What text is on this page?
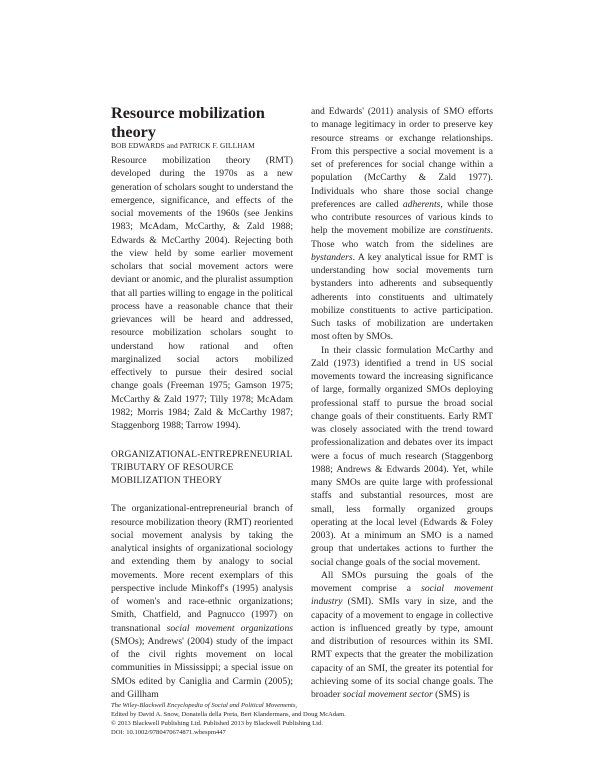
Resource mobilization theory

BOB EDWARDS and PATRICK F. GILLHAM

Resource mobilization theory (RMT) developed during the 1970s as a new generation of scholars sought to understand the emergence, significance, and effects of the social movements of the 1960s (see Jenkins 1983; McAdam, McCarthy, & Zald 1988; Edwards & McCarthy 2004). Rejecting both the view held by some earlier movement scholars that social movement actors were deviant or anomic, and the pluralist assumption that all parties willing to engage in the political process have a reasonable chance that their grievances will be heard and addressed, resource mobilization scholars sought to understand how rational and often marginalized social actors mobilized effectively to pursue their desired social change goals (Freeman 1975; Gamson 1975; McCarthy & Zald 1977; Tilly 1978; McAdam 1982; Morris 1984; Zald & McCarthy 1987; Staggenborg 1988; Tarrow 1994).

ORGANIZATIONAL-ENTREPRENEURIAL TRIBUTARY OF RESOURCE MOBILIZATION THEORY

The organizational-entrepreneurial branch of resource mobilization theory (RMT) reoriented social movement analysis by taking the analytical insights of organizational sociology and extending them by analogy to social movements. More recent exemplars of this perspective include Minkoff's (1995) analysis of women's and race-ethnic organizations; Smith, Chatfield, and Pagnucco (1997) on transnational social movement organizations (SMOs); Andrews' (2004) study of the impact of the civil rights movement on local communities in Mississippi; a special issue on SMOs edited by Caniglia and Carmin (2005); and Gillham

and Edwards' (2011) analysis of SMO efforts to manage legitimacy in order to preserve key resource streams or exchange relationships. From this perspective a social movement is a set of preferences for social change within a population (McCarthy & Zald 1977). Individuals who share those social change preferences are called adherents, while those who contribute resources of various kinds to help the movement mobilize are constituents. Those who watch from the sidelines are bystanders. A key analytical issue for RMT is understanding how social movements turn bystanders into adherents and subsequently adherents into constituents and ultimately mobilize constituents to active participation. Such tasks of mobilization are undertaken most often by SMOs.

In their classic formulation McCarthy and Zald (1973) identified a trend in US social movements toward the increasing significance of large, formally organized SMOs deploying professional staff to pursue the broad social change goals of their constituents. Early RMT was closely associated with the trend toward professionalization and debates over its impact were a focus of much research (Staggenborg 1988; Andrews & Edwards 2004). Yet, while many SMOs are quite large with professional staffs and substantial resources, most are small, less formally organized groups operating at the local level (Edwards & Foley 2003). At a minimum an SMO is a named group that undertakes actions to further the social change goals of the social movement.

All SMOs pursuing the goals of the movement comprise a social movement industry (SMI). SMIs vary in size, and the capacity of a movement to engage in collective action is influenced greatly by type, amount and distribution of resources within its SMI. RMT expects that the greater the mobilization capacity of an SMI, the greater its potential for achieving some of its social change goals. The broader social movement sector (SMS) is

The Wiley-Blackwell Encyclopedia of Social and Political Movements,
Edited by David A. Snow, Donatella della Porta, Bert Klandermans, and Doug McAdam.
© 2013 Blackwell Publishing Ltd. Published 2013 by Blackwell Publishing Ltd.
DOI: 10.1002/9780470674871.wbespm447
